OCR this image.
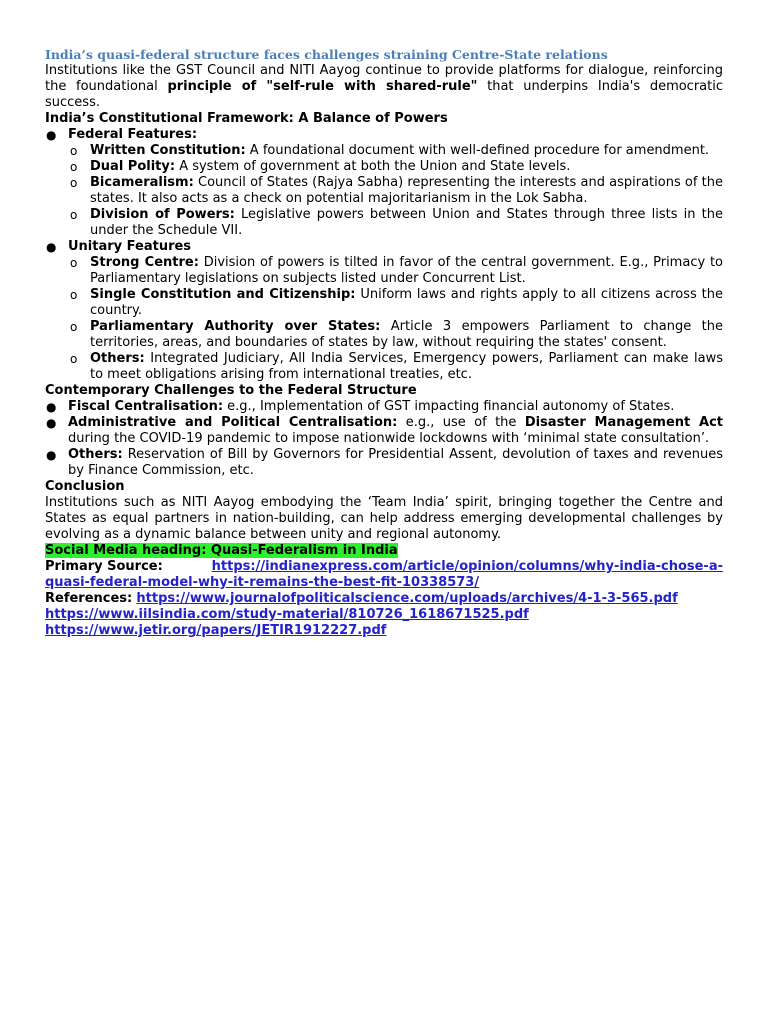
India’s quasi-federal structure faces challenges straining Centre-State relations
Institutions like the GST Council and NITI Aayog continue to provide platforms for dialogue, reinforcing the foundational principle of "self-rule with shared-rule" that underpins India's democratic success.
India’s Constitutional Framework: A Balance of Powers
● Federal Features:
o Written Constitution: A foundational document with well-defined procedure for amendment.
o Dual Polity: A system of government at both the Union and State levels.
o Bicameralism: Council of States (Rajya Sabha) representing the interests and aspirations of the states. It also acts as a check on potential majoritarianism in the Lok Sabha.
o Division of Powers: Legislative powers between Union and States through three lists in the under the Schedule VII.
● Unitary Features
o Strong Centre: Division of powers is tilted in favor of the central government. E.g., Primacy to Parliamentary legislations on subjects listed under Concurrent List.
o Single Constitution and Citizenship: Uniform laws and rights apply to all citizens across the country.
o Parliamentary Authority over States: Article 3 empowers Parliament to change the territories, areas, and boundaries of states by law, without requiring the states' consent.
o Others: Integrated Judiciary, All India Services, Emergency powers, Parliament can make laws to meet obligations arising from international treaties, etc.
Contemporary Challenges to the Federal Structure
● Fiscal Centralisation: e.g., Implementation of GST impacting financial autonomy of States.
● Administrative and Political Centralisation: e.g., use of the Disaster Management Act during the COVID-19 pandemic to impose nationwide lockdowns with ‘minimal state consultation’.
● Others: Reservation of Bill by Governors for Presidential Assent, devolution of taxes and revenues by Finance Commission, etc.
Conclusion
Institutions such as NITI Aayog embodying the ‘Team India’ spirit, bringing together the Centre and States as equal partners in nation-building, can help address emerging developmental challenges by evolving as a dynamic balance between unity and regional autonomy.
Social Media heading: Quasi-Federalism in India
Primary Source:	https://indianexpress.com/article/opinion/columns/why-india-chose-a-
quasi-federal-model-why-it-remains-the-best-fit-10338573/
References: https://www.journalofpoliticalscience.com/uploads/archives/4-1-3-565.pdf
https://www.iilsindia.com/study-material/810726_1618671525.pdf
https://www.jetir.org/papers/JETIR1912227.pdf
